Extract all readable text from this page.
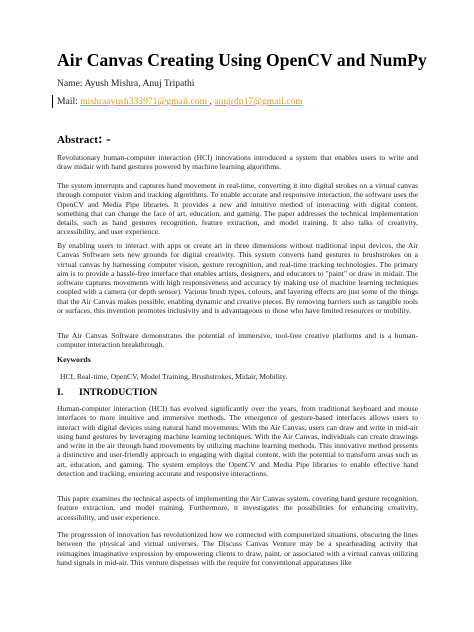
Air Canvas Creating Using OpenCV and NumPy
Name: Ayush Mishra, Anuj Tripathi
Mail: mishraayush333971@gmail.com , anujrdp17@gmail.com
Abstract: -

Revolutionary human-computer interaction (HCI) innovations introduced a system that enables users to write and draw midair with hand gestures powered by machine learning algorithms.

The system interrupts and captures hand movement in real-time, converting it into digital strokes on a virtual canvas through computer vision and tracking algorithms. To enable accurate and responsive interaction, the software uses the OpenCV and Media Pipe libraries. It provides a new and intuitive method of interacting with digital content, something that can change the face of art, education, and gaming. The paper addresses the technical implementation details, such as hand gestures recognition, feature extraction, and model training. It also talks of creativity, accessibility, and user experience.

By enabling users to interact with apps or create art in three dimensions without traditional input devices, the Air Canvas Software sets new grounds for digital creativity. This system converts hand gestures to brushstrokes on a virtual canvas by harnessing computer vision, gesture recognition, and real-time tracking technologies. The primary aim is to provide a hassle-free interface that enables artists, designers, and educators to "paint" or draw in midair. The software captures movements with high responsiveness and accuracy by making use of machine learning techniques coupled with a camera (or depth sensor). Various brush types, colours, and layering effects are just some of the things that the Air Canvas makes possible, enabling dynamic and creative pieces. By removing barriers such as tangible tools or surfaces, this invention promotes inclusivity and is advantageous to those who have limited resources or mobility.

The Air Canvas Software demonstrates the potential of immersive, tool-free creative platforms and is a human-computer interaction breakthrough.

Keywords
HCI, Real-time, OpenCV, Model Training, Brushstrokes, Midair, Mobility.
I. INTRODUCTION

Human-computer interaction (HCI) has evolved significantly over the years, from traditional keyboard and mouse interfaces to more intuitive and immersive methods. The emergence of gesture-based interfaces allows users to interact with digital devices using natural hand movements. With the Air Canvas, users can draw and write in mid-air using hand gestures by leveraging machine learning techniques. With the Air Canvas, individuals can create drawings and write in the air through hand movements by utilizing machine learning methods. This innovative method presents a distinctive and user-friendly approach to engaging with digital content, with the potential to transform areas such as art, education, and gaming. The system employs the OpenCV and Media Pipe libraries to enable effective hand detection and tracking, ensuring accurate and responsive interactions.

This paper examines the technical aspects of implementing the Air Canvas system, covering hand gesture recognition, feature extraction, and model training. Furthermore, it investigates the possibilities for enhancing creativity, accessibility, and user experience.

The progression of innovation has revolutionized how we connected with computerized situations, obscuring the lines between the physical and virtual universes. The Discuss Canvas Venture may be a spearheading activity that reimagines imaginative expression by empowering clients to draw, paint, or associated with a virtual canvas utilizing hand signals in mid-air. This venture dispenses with the require for conventional apparatuses like
